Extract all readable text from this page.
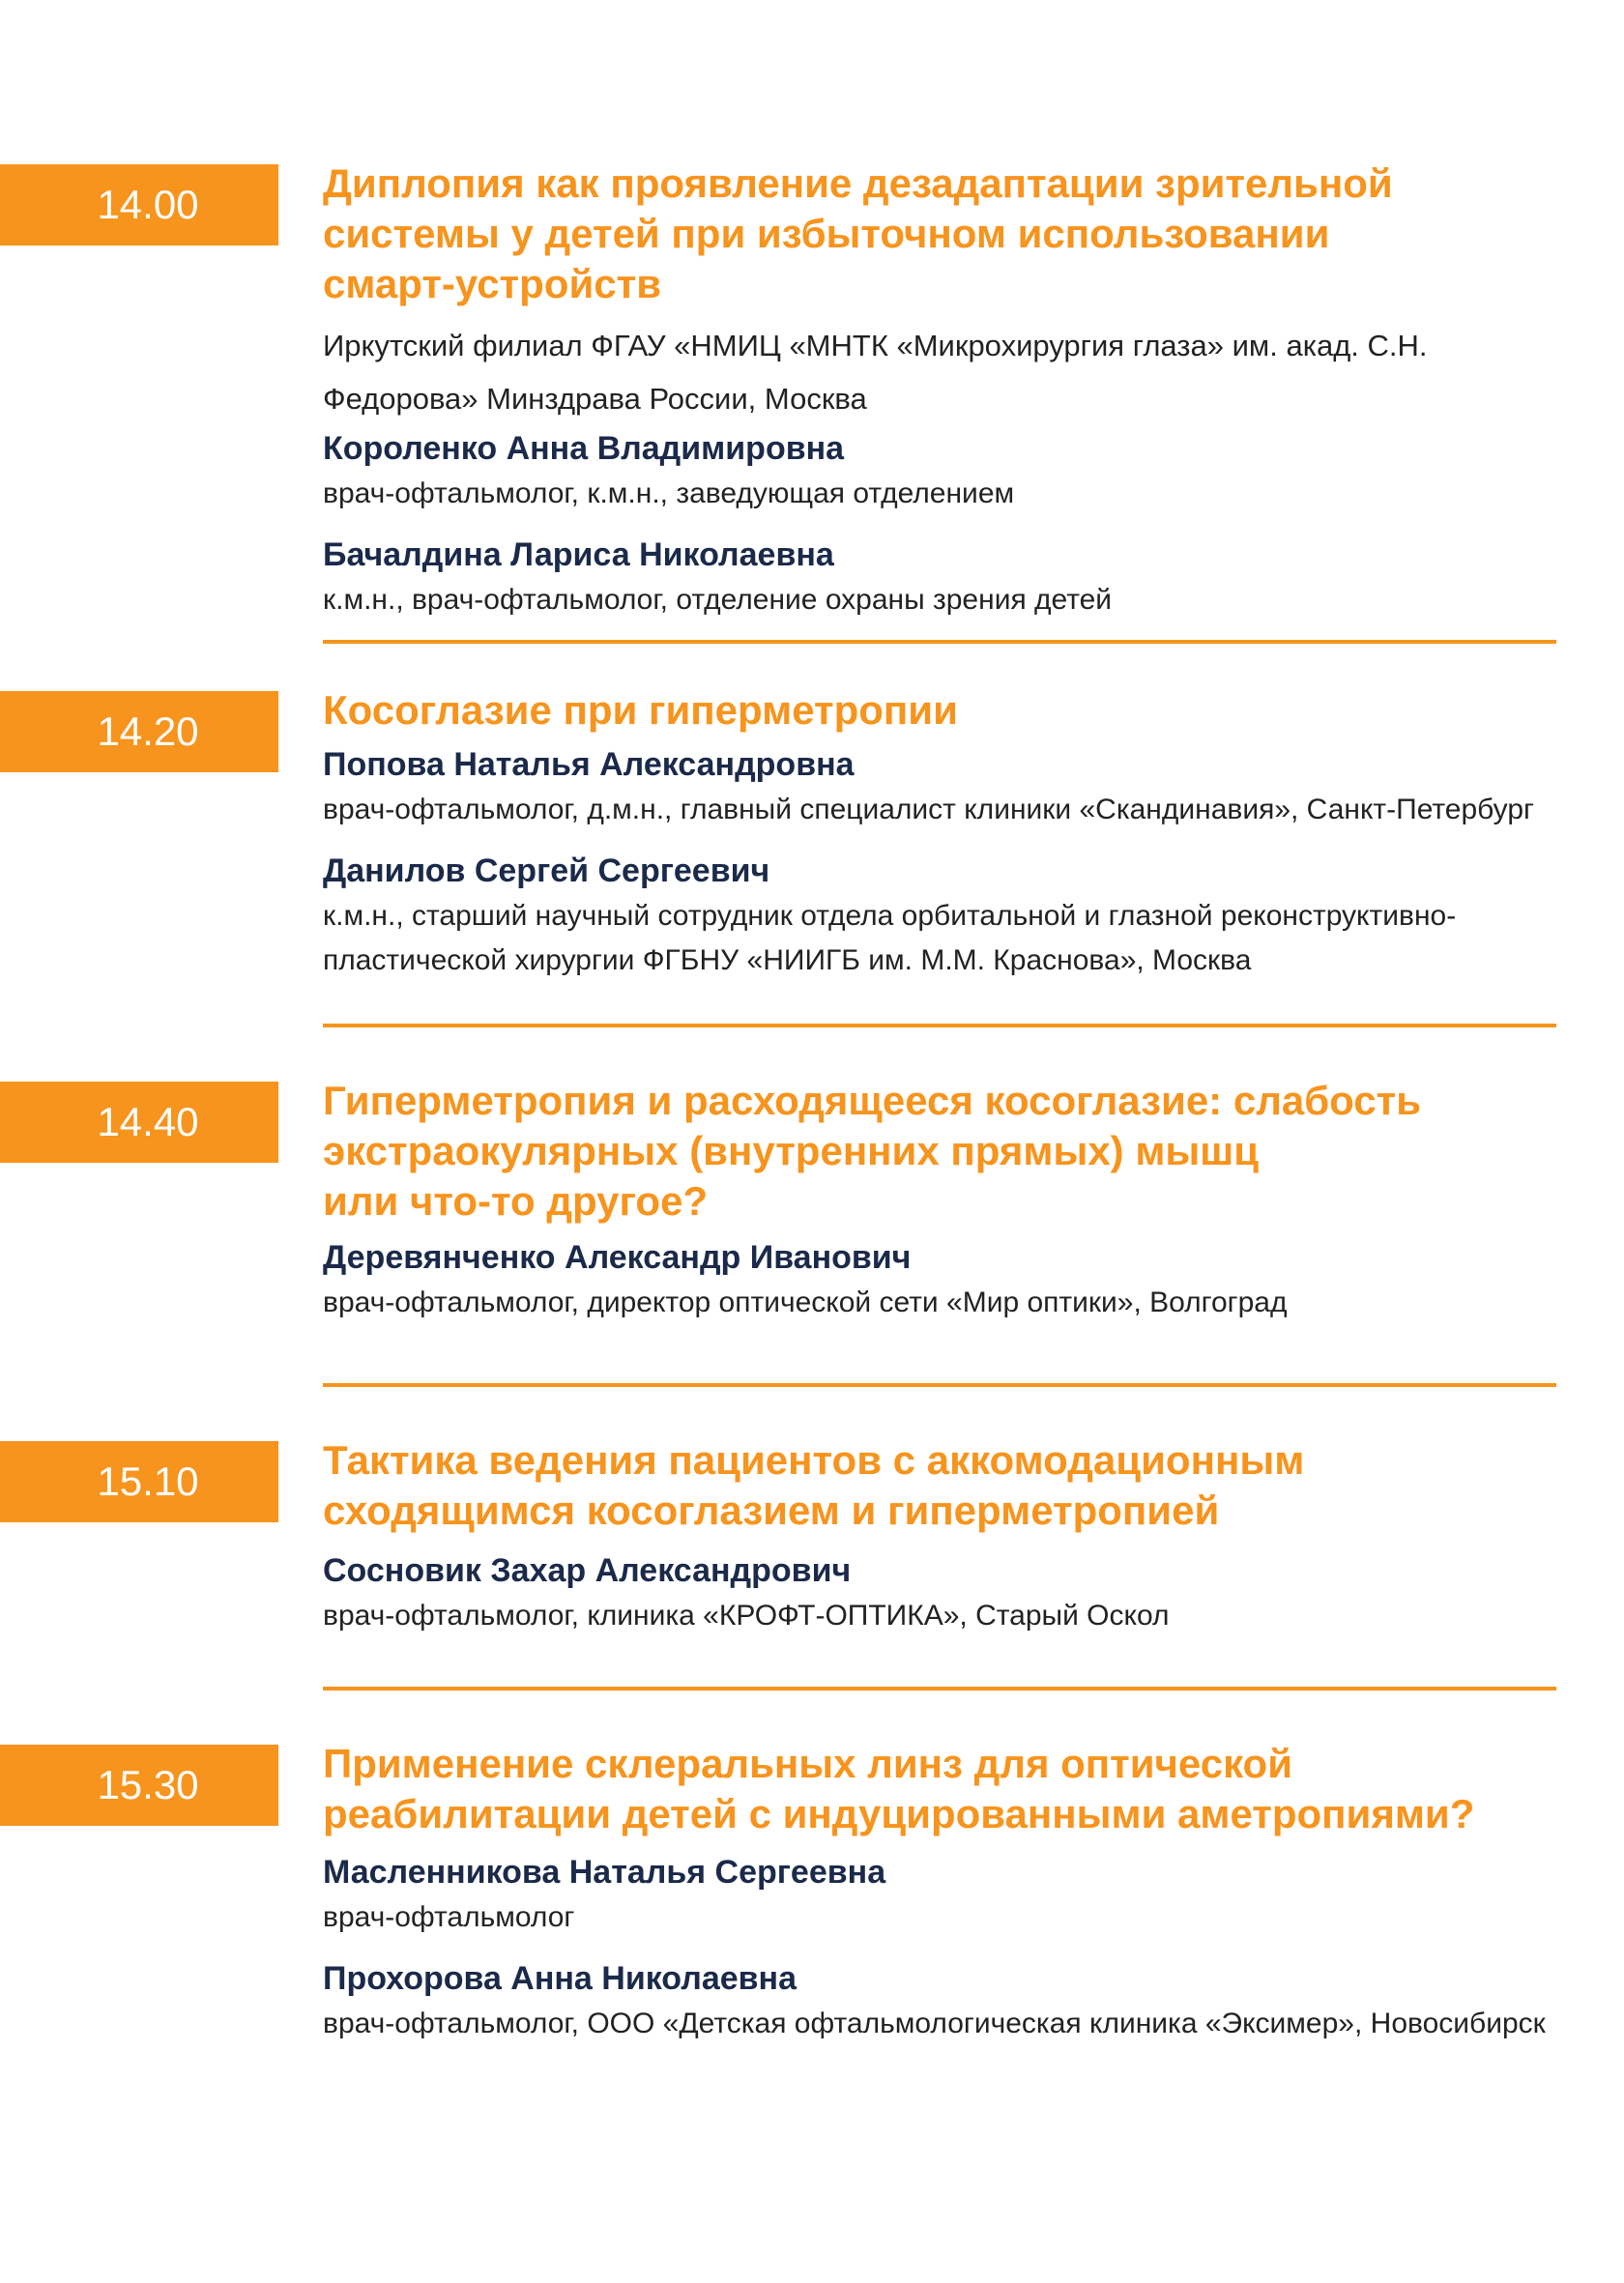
14.00	Диплопия как проявление дезадаптации зрительной
системы у детей при избыточном использовании
смарт-устройств
Иркутский филиал ФГАУ «НМИЦ «МНТК «Микрохирургия глаза» им. акад. С.Н.
Федорова» Минздрава России, Москва
Короленко Анна Владимировна
врач-офтальмолог, к.м.н., заведующая отделением
Бачалдина Лариса Николаевна
к.м.н., врач-офтальмолог, отделение охраны зрения детей
14.20	Косоглазие при гиперметропии
Попова Наталья Александровна
врач-офтальмолог, д.м.н., главный специалист клиники «Скандинавия», Санкт-Петербург
Данилов Сергей Сергеевич
к.м.н., старший научный сотрудник отдела орбитальной и глазной реконструктивно-
пластической хирургии ФГБНУ «НИИГБ им. М.М. Краснова», Москва
14.40	Гиперметропия и расходящееся косоглазие: слабость
экстраокулярных (внутренних прямых) мышц
или что-то другое?
Деревянченко Александр Иванович
врач-офтальмолог, директор оптической сети «Мир оптики», Волгоград
15.10	Тактика ведения пациентов с аккомодационным
сходящимся косоглазием и гиперметропией
Сосновик Захар Александрович
врач-офтальмолог, клиника «КРОФТ-ОПТИКА», Старый Оскол
15.30	Применение склеральных линз для оптической
реабилитации детей с индуцированными аметропиями?
Масленникова Наталья Сергеевна
врач-офтальмолог
Прохорова Анна Николаевна
врач-офтальмолог, ООО «Детская офтальмологическая клиника «Эксимер», Новосибирск
